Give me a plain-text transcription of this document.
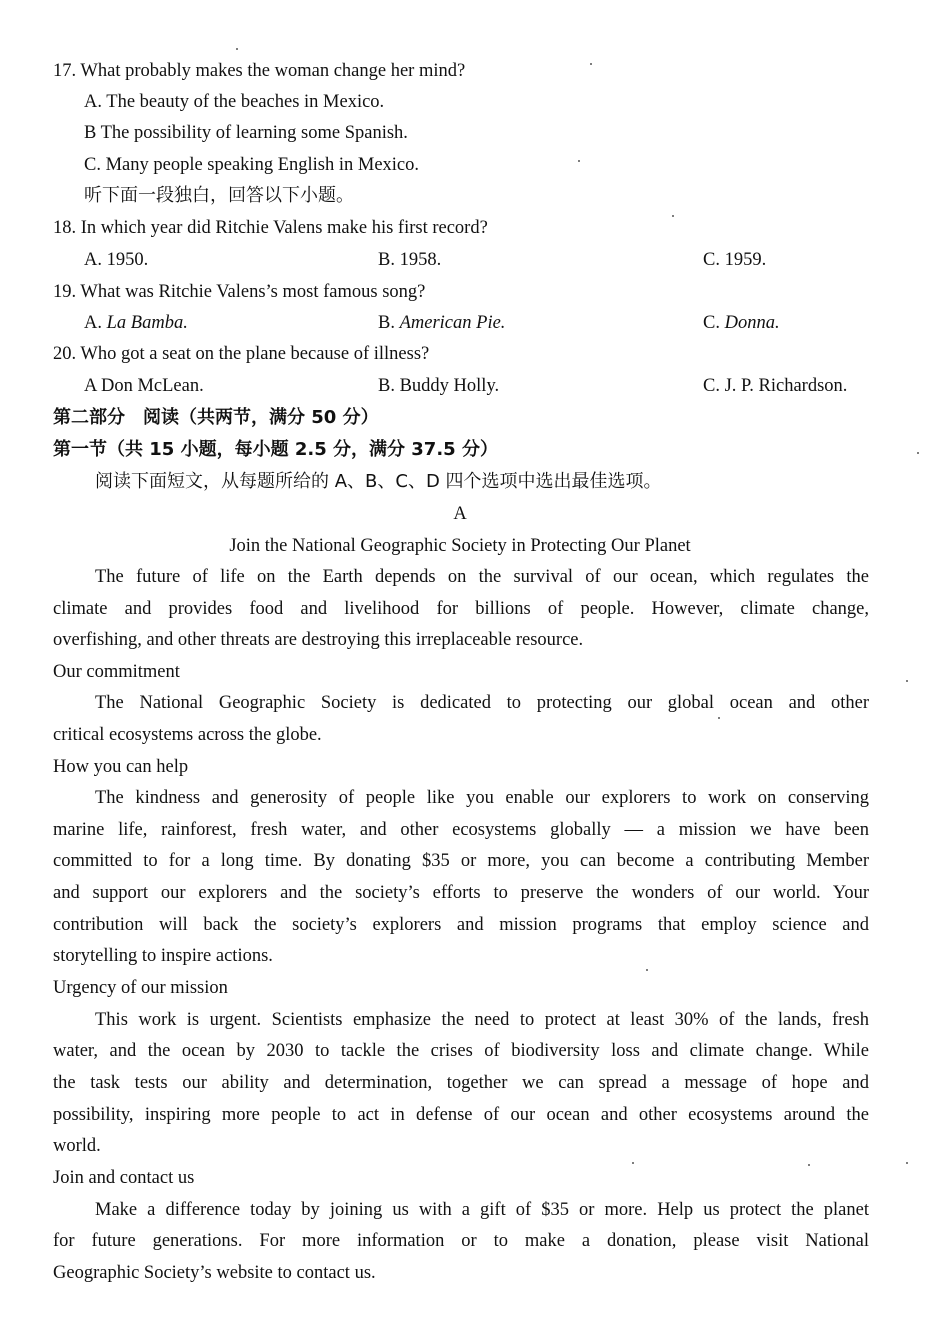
17. What probably makes the woman change her mind?
A. The beauty of the beaches in Mexico.
B The possibility of learning some Spanish.
C. Many people speaking English in Mexico.
听下面一段独白，回答以下小题。
18. In which year did Ritchie Valens make his first record?
A. 1950.	B. 1958.	C. 1959.
19. What was Ritchie Valens’s most famous song?
A. La Bamba.	B. American Pie.	C. Donna.
20. Who got a seat on the plane because of illness?
A Don McLean.	B. Buddy Holly.	C. J. P. Richardson.
第二部分　阅读（共两节，满分 50 分）
第一节（共 15 小题，每小题 2.5 分，满分 37.5 分）
阅读下面短文，从每题所给的 A、B、C、D 四个选项中选出最佳选项。
A
Join the National Geographic Society in Protecting Our Planet
The future of life on the Earth depends on the survival of our ocean, which regulates the
climate and provides food and livelihood for billions of people. However, climate change,
overfishing, and other threats are destroying this irreplaceable resource.
Our commitment
The National Geographic Society is dedicated to protecting our global ocean and other
critical ecosystems across the globe.
How you can help
The kindness and generosity of people like you enable our explorers to work on conserving
marine life, rainforest, fresh water, and other ecosystems globally — a mission we have been
committed to for a long time. By donating $35 or more, you can become a contributing Member
and support our explorers and the society’s efforts to preserve the wonders of our world. Your
contribution will back the society’s explorers and mission programs that employ science and
storytelling to inspire actions.
Urgency of our mission
This work is urgent. Scientists emphasize the need to protect at least 30% of the lands, fresh
water, and the ocean by 2030 to tackle the crises of biodiversity loss and climate change. While
the task tests our ability and determination, together we can spread a message of hope and
possibility, inspiring more people to act in defense of our ocean and other ecosystems around the
world.
Join and contact us
Make a difference today by joining us with a gift of $35 or more. Help us protect the planet
for future generations. For more information or to make a donation, please visit National
Geographic Society’s website to contact us.
